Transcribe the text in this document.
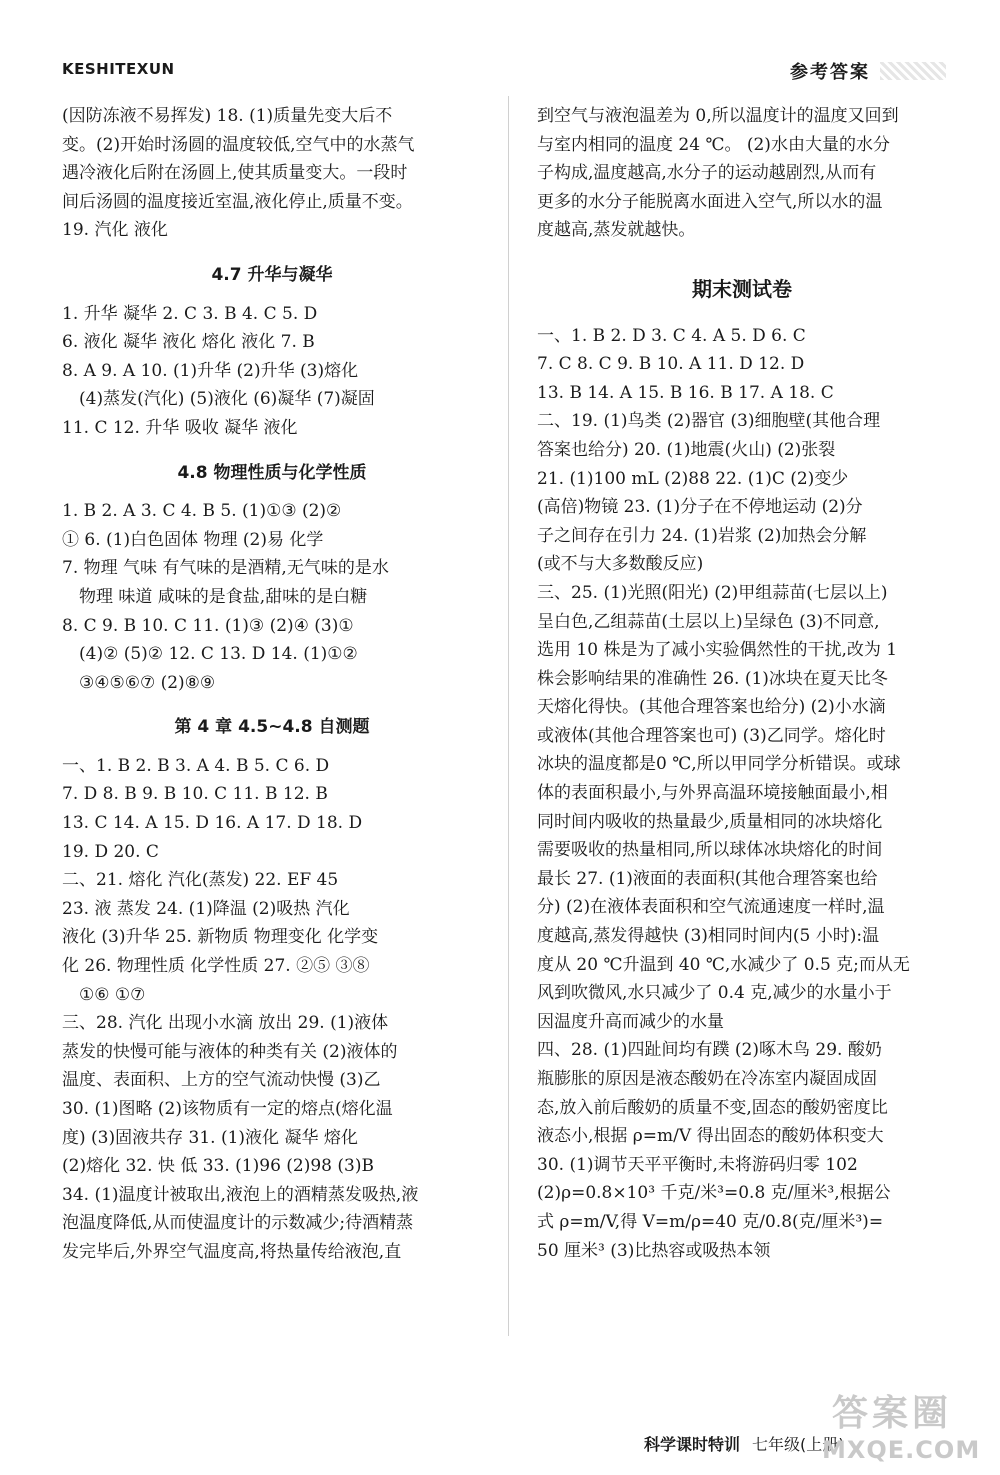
KESHITEXUN	参考答案
(因防冻液不易挥发) 18. (1)质量先变大后不
变。(2)开始时汤圆的温度较低,空气中的水蒸气
遇冷液化后附在汤圆上,使其质量变大。一段时
间后汤圆的温度接近室温,液化停止,质量不变。
19. 汽化 液化
4.7 升华与凝华
1. 升华 凝华 2. C 3. B 4. C 5. D
6. 液化 凝华 液化 熔化 液化 7. B
8. A 9. A 10. (1)升华 (2)升华 (3)熔化
(4)蒸发(汽化) (5)液化 (6)凝华 (7)凝固
11. C 12. 升华 吸收 凝华 液化
4.8 物理性质与化学性质
1. B 2. A 3. C 4. B 5. (1)①③ (2)②
① 6. (1)白色固体 物理 (2)易 化学
7. 物理 气味 有气味的是酒精,无气味的是水
物理 味道 咸味的是食盐,甜味的是白糖
8. C 9. B 10. C 11. (1)③ (2)④ (3)①
(4)② (5)② 12. C 13. D 14. (1)①②
③④⑤⑥⑦ (2)⑧⑨
第 4 章 4.5~4.8 自测题
一、1. B 2. B 3. A 4. B 5. C 6. D
7. D 8. B 9. B 10. C 11. B 12. B
13. C 14. A 15. D 16. A 17. D 18. D
19. D 20. C
二、21. 熔化 汽化(蒸发) 22. EF 45
23. 液 蒸发 24. (1)降温 (2)吸热 汽化
液化 (3)升华 25. 新物质 物理变化 化学变
化 26. 物理性质 化学性质 27. ②⑤ ③⑧
①⑥ ①⑦
三、28. 汽化 出现小水滴 放出 29. (1)液体
蒸发的快慢可能与液体的种类有关 (2)液体的
温度、表面积、上方的空气流动快慢 (3)乙
30. (1)图略 (2)该物质有一定的熔点(熔化温
度) (3)固液共存 31. (1)液化 凝华 熔化
(2)熔化 32. 快 低 33. (1)96 (2)98 (3)B
34. (1)温度计被取出,液泡上的酒精蒸发吸热,液
泡温度降低,从而使温度计的示数减少;待酒精蒸
发完毕后,外界空气温度高,将热量传给液泡,直
到空气与液泡温差为 0,所以温度计的温度又回到
与室内相同的温度 24 ℃。 (2)水由大量的水分
子构成,温度越高,水分子的运动越剧烈,从而有
更多的水分子能脱离水面进入空气,所以水的温
度越高,蒸发就越快。
期末测试卷
一、1. B 2. D 3. C 4. A 5. D 6. C
7. C 8. C 9. B 10. A 11. D 12. D
13. B 14. A 15. B 16. B 17. A 18. C
二、19. (1)鸟类 (2)器官 (3)细胞壁(其他合理
答案也给分) 20. (1)地震(火山) (2)张裂
21. (1)100 mL (2)88 22. (1)C (2)变少
(高倍)物镜 23. (1)分子在不停地运动 (2)分
子之间存在引力 24. (1)岩浆 (2)加热会分解
(或不与大多数酸反应)
三、25. (1)光照(阳光) (2)甲组蒜苗(七层以上)
呈白色,乙组蒜苗(土层以上)呈绿色 (3)不同意,
选用 10 株是为了减小实验偶然性的干扰,改为 1
株会影响结果的准确性 26. (1)冰块在夏天比冬
天熔化得快。(其他合理答案也给分) (2)小水滴
或液体(其他合理答案也可) (3)乙同学。熔化时
冰块的温度都是0 ℃,所以甲同学分析错误。或球
体的表面积最小,与外界高温环境接触面最小,相
同时间内吸收的热量最少,质量相同的冰块熔化
需要吸收的热量相同,所以球体冰块熔化的时间
最长 27. (1)液面的表面积(其他合理答案也给
分) (2)在液体表面积和空气流通速度一样时,温
度越高,蒸发得越快 (3)相同时间内(5 小时):温
度从 20 ℃升温到 40 ℃,水减少了 0.5 克;而从无
风到吹微风,水只减少了 0.4 克,减少的水量小于
因温度升高而减少的水量
四、28. (1)四趾间均有蹼 (2)啄木鸟 29. 酸奶
瓶膨胀的原因是液态酸奶在冷冻室内凝固成固
态,放入前后酸奶的质量不变,固态的酸奶密度比
液态小,根据 ρ=m/V 得出固态的酸奶体积变大
30. (1)调节天平平衡时,未将游码归零 102
(2)ρ=0.8×10³ 千克/米³=0.8 克/厘米³,根据公
式 ρ=m/V,得 V=m/ρ=40 克/0.8(克/厘米³)=
50 厘米³ (3)比热容或吸热本领
科学课时特训 七年级(上册)
答案圈
MXQE.COM
